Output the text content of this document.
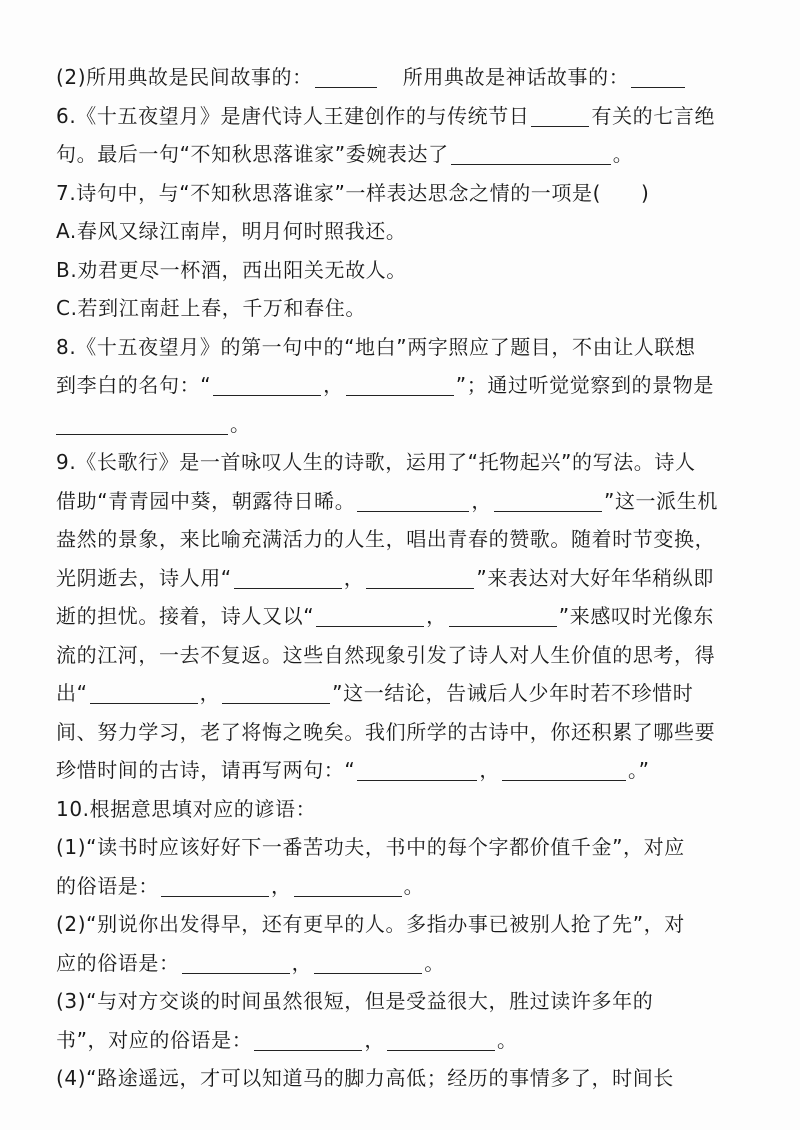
(2)所用典故是民间故事的：	所用典故是神话故事的：
6.《十五夜望月》是唐代诗人王建创作的与传统节日	有关的七言绝
句。最后一句“不知秋思落谁家”委婉表达了	。
7.诗句中，与“不知秋思落谁家”一样表达思念之情的一项是( )
A.春风又绿江南岸，明月何时照我还。
B.劝君更尽一杯酒，西出阳关无故人。
C.若到江南赶上春，千万和春住。
8.《十五夜望月》的第一句中的“地白”两字照应了题目，不由让人联想
到李白的名句：“	，	”；通过听觉觉察到的景物是
。
9.《长歌行》是一首咏叹人生的诗歌，运用了“托物起兴”的写法。诗人
借助“青青园中葵，朝露待日晞。	，	”这一派生机
盎然的景象，来比喻充满活力的人生，唱出青春的赞歌。随着时节变换，
光阴逝去，诗人用“	，	”来表达对大好年华稍纵即
逝的担忧。接着，诗人又以“	，	”来感叹时光像东
流的江河，一去不复返。这些自然现象引发了诗人对人生价值的思考，得
出“	，	”这一结论，告诫后人少年时若不珍惜时
间、努力学习，老了将悔之晚矣。我们所学的古诗中，你还积累了哪些要
珍惜时间的古诗，请再写两句：“	，	。”
10.根据意思填对应的谚语：
(1)“读书时应该好好下一番苦功夫，书中的每个字都价值千金”，对应
的俗语是：	，	。
(2)“别说你出发得早，还有更早的人。多指办事已被别人抢了先”，对
应的俗语是：	，	。
(3)“与对方交谈的时间虽然很短，但是受益很大，胜过读许多年的
书”，对应的俗语是：	，	。
(4)“路途遥远，才可以知道马的脚力高低；经历的事情多了，时间长
